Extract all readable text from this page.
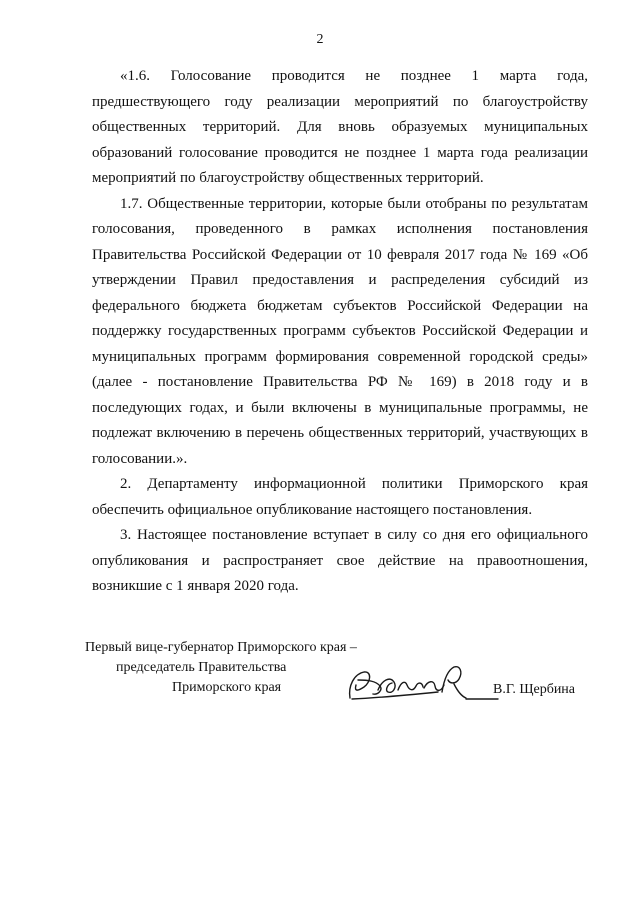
2

«1.6. Голосование проводится не позднее 1 марта года, предшествующего году реализации мероприятий по благоустройству общественных территорий. Для вновь образуемых муниципальных образований голосование проводится не позднее 1 марта года реализации мероприятий по благоустройству общественных территорий.

1.7. Общественные территории, которые были отобраны по результатам голосования, проведенного в рамках исполнения постановления Правительства Российской Федерации от 10 февраля 2017 года № 169 «Об утверждении Правил предоставления и распределения субсидий из федерального бюджета бюджетам субъектов Российской Федерации на поддержку государственных программ субъектов Российской Федерации и муниципальных программ формирования современной городской среды» (далее - постановление Правительства РФ № 169) в 2018 году и в последующих годах, и были включены в муниципальные программы, не подлежат включению в перечень общественных территорий, участвующих в голосовании.».

2. Департаменту информационной политики Приморского края обеспечить официальное опубликование настоящего постановления.

3. Настоящее постановление вступает в силу со дня его официального опубликования и распространяет свое действие на правоотношения, возникшие с 1 января 2020 года.

Первый вице-губернатор Приморского края –
председатель Правительства
Приморского края	В.Г. Щербина
